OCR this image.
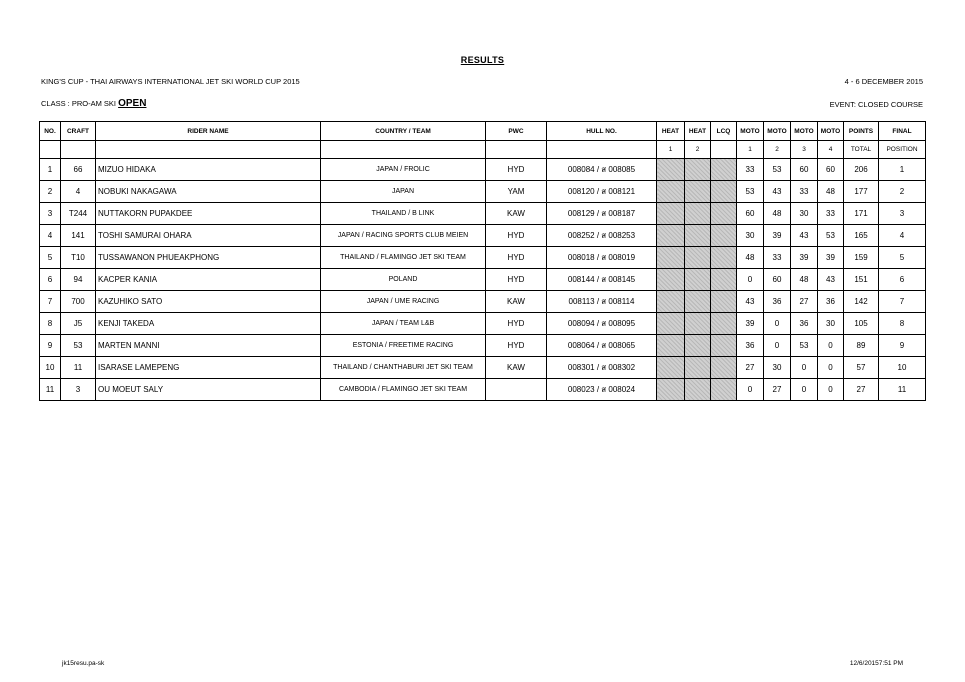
RESULTS
KING'S CUP - THAI AIRWAYS INTERNATIONAL JET SKI WORLD CUP 2015	4 - 6 DECEMBER 2015
CLASS : PRO-AM SKI OPEN	EVENT: CLOSED COURSE
NO.	CRAFT	RIDER NAME	COUNTRY / TEAM	PWC	HULL NO.	HEAT	HEAT	LCQ	MOTO	MOTO	MOTO	MOTO	POINTS	FINAL
						1	2		1	2	3	4	TOTAL	POSITION
1	66	MIZUO HIDAKA	JAPAN / FROLIC	HYD	008084 / ส 008085				33	53	60	60	206	1
2	4	NOBUKI NAKAGAWA	JAPAN	YAM	008120 / ส 008121				53	43	33	48	177	2
3	T244	NUTTAKORN PUPAKDEE	THAILAND / B LINK	KAW	008129 / ส 008187				60	48	30	33	171	3
4	141	TOSHI SAMURAI OHARA	JAPAN / RACING SPORTS CLUB MEIEN	HYD	008252 / ส 008253				30	39	43	53	165	4
5	T10	TUSSAWANON PHUEAKPHONG	THAILAND / FLAMINGO JET SKI TEAM	HYD	008018 / ส 008019				48	33	39	39	159	5
6	94	KACPER KANIA	POLAND	HYD	008144 / ส 008145				0	60	48	43	151	6
7	700	KAZUHIKO SATO	JAPAN / UME RACING	KAW	008113 / ส 008114				43	36	27	36	142	7
8	J5	KENJI TAKEDA	JAPAN / TEAM L&B	HYD	008094 / ส 008095				39	0	36	30	105	8
9	53	MARTEN MANNI	ESTONIA / FREETIME RACING	HYD	008064 / ส 008065				36	0	53	0	89	9
10	11	ISARASE LAMEPENG	THAILAND / CHANTHABURI JET SKI TEAM	KAW	008301 / ส 008302				27	30	0	0	57	10
11	3	OU MOEUT SALY	CAMBODIA / FLAMINGO JET SKI TEAM		008023 / ส 008024				0	27	0	0	27	11
jk15resu.pa-sk	12/6/20157:51 PM
